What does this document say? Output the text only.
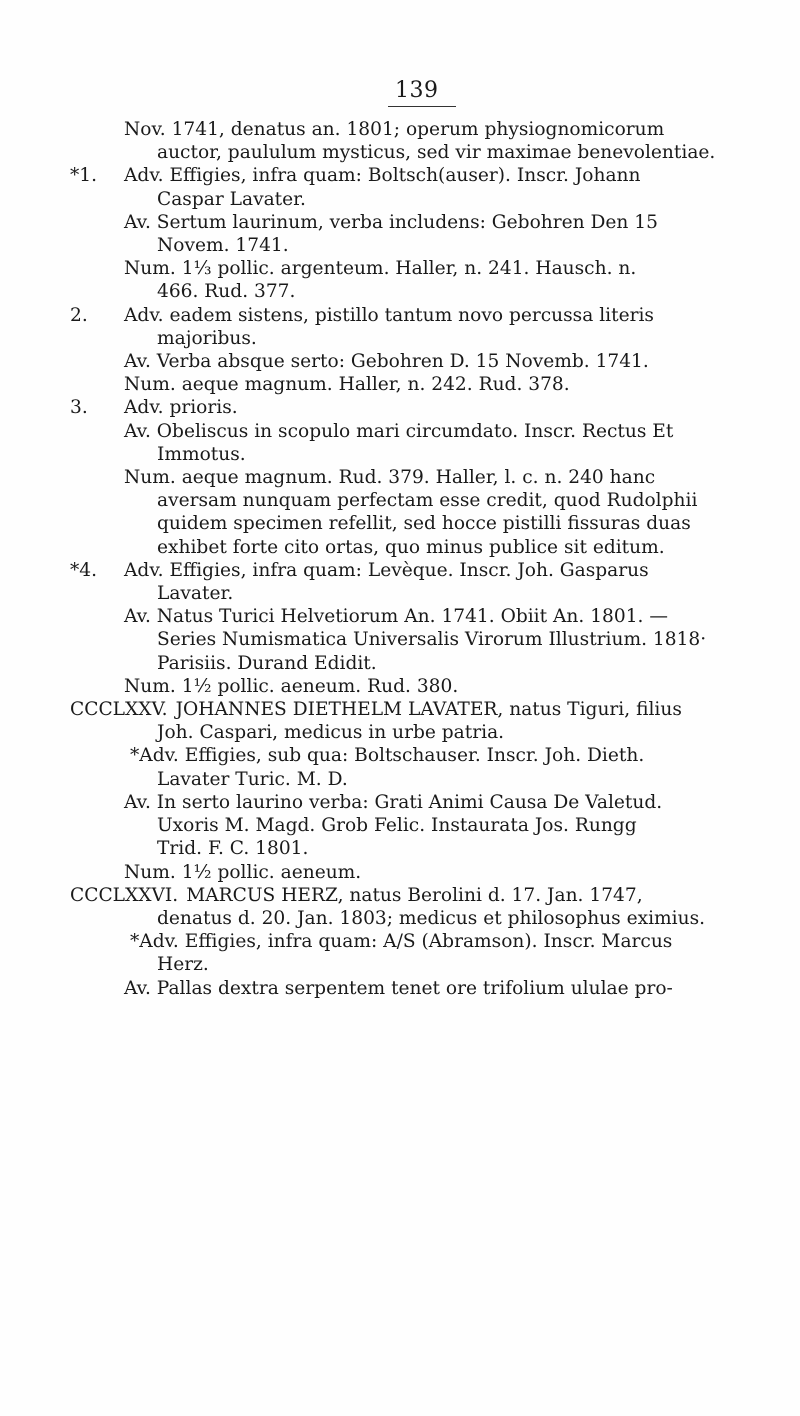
139
Nov. 1741, denatus an. 1801; operum physiognomicorum
auctor, paululum mysticus, sed vir maximae benevolentiae.
*1. Adv. Effigies, infra quam: Boltsch(auser). Inscr. Johann
Caspar Lavater.
Av. Sertum laurinum, verba includens: Gebohren Den 15
Novem. 1741.
Num. 1⅓ pollic. argenteum. Haller, n. 241. Hausch. n.
466. Rud. 377.
2. Adv. eadem sistens, pistillo tantum novo percussa literis
majoribus.
Av. Verba absque serto: Gebohren D. 15 Novemb. 1741.
Num. aeque magnum. Haller, n. 242. Rud. 378.
3. Adv. prioris.
Av. Obeliscus in scopulo mari circumdato. Inscr. Rectus Et
Immotus.
Num. aeque magnum. Rud. 379. Haller, l. c. n. 240 hanc
aversam nunquam perfectam esse credit, quod Rudolphii
quidem specimen refellit, sed hocce pistilli fissuras duas
exhibet forte cito ortas, quo minus publice sit editum.
*4. Adv. Effigies, infra quam: Levèque. Inscr. Joh. Gasparus
Lavater.
Av. Natus Turici Helvetiorum An. 1741. Obiit An. 1801. —
Series Numismatica Universalis Virorum Illustrium. 1818·
Parisiis. Durand Edidit.
Num. 1½ pollic. aeneum. Rud. 380.
CCCLXXV. JOHANNES DIETHELM LAVATER, natus Tiguri, filius
Joh. Caspari, medicus in urbe patria.
*Adv. Effigies, sub qua: Boltschauser. Inscr. Joh. Dieth.
Lavater Turic. M. D.
Av. In serto laurino verba: Grati Animi Causa De Valetud.
Uxoris M. Magd. Grob Felic. Instaurata Jos. Rungg
Trid. F. C. 1801.
Num. 1½ pollic. aeneum.
CCCLXXVI. MARCUS HERZ, natus Berolini d. 17. Jan. 1747,
denatus d. 20. Jan. 1803; medicus et philosophus eximius.
*Adv. Effigies, infra quam: A/S (Abramson). Inscr. Marcus
Herz.
Av. Pallas dextra serpentem tenet ore trifolium ululae pro-
